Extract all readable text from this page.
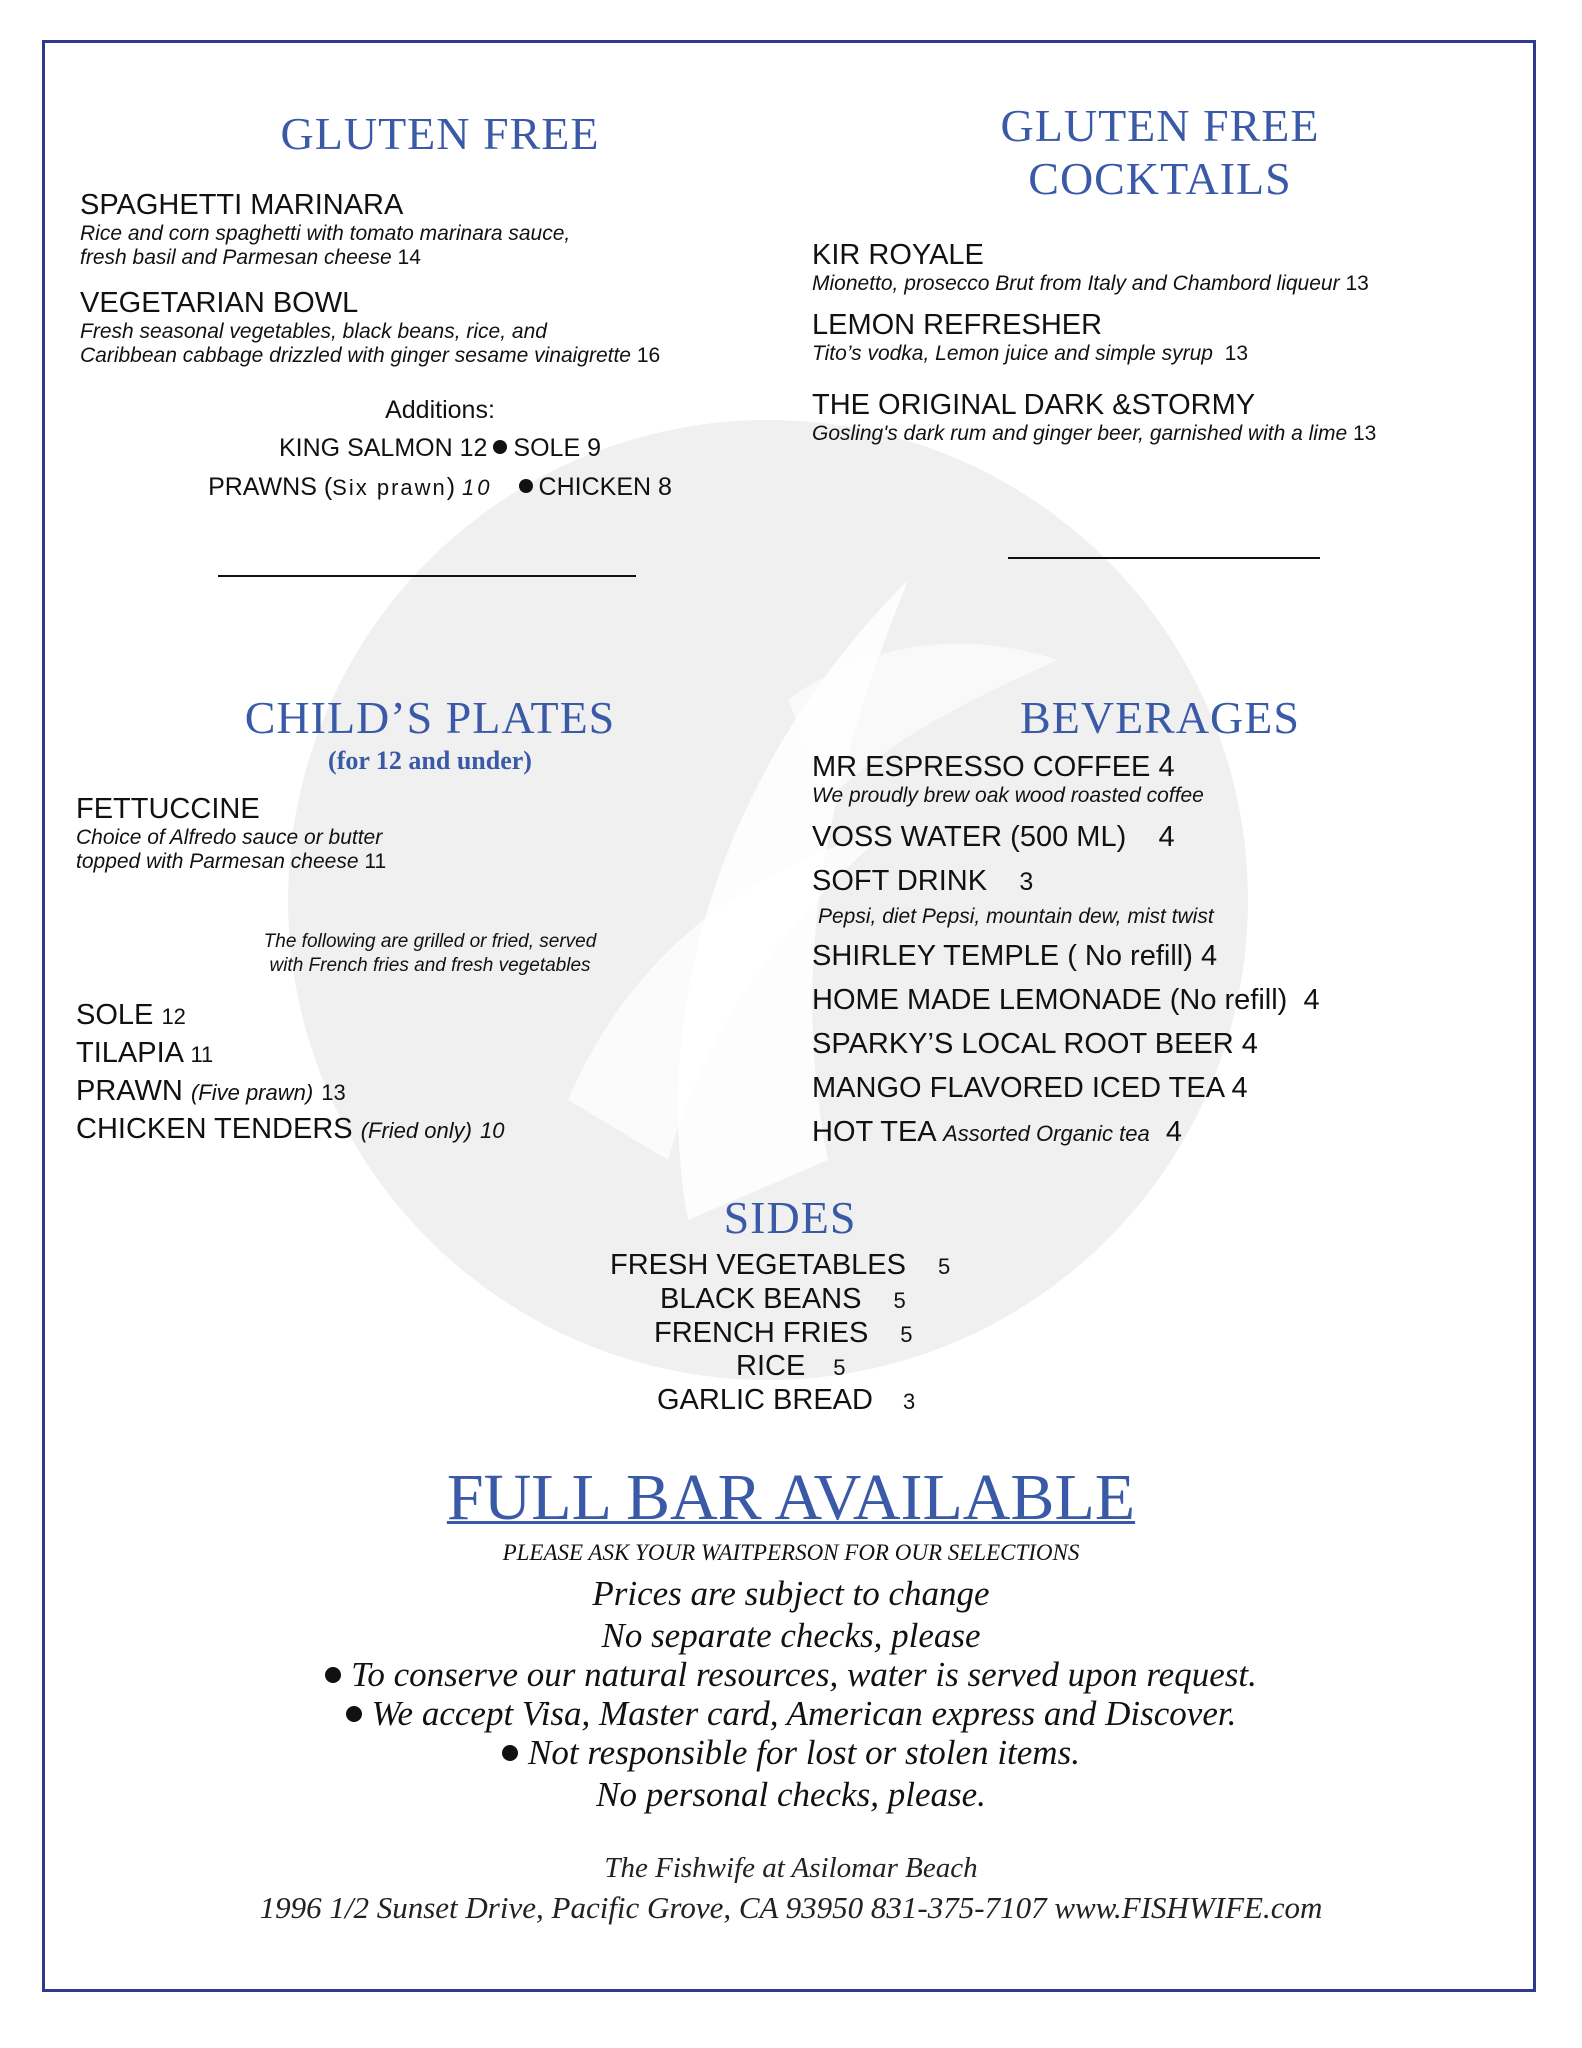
GLUTEN FREE
SPAGHETTI MARINARA
Rice and corn spaghetti with tomato marinara sauce,
fresh basil and Parmesan cheese 14
VEGETARIAN BOWL
Fresh seasonal vegetables, black beans, rice, and
Caribbean cabbage drizzled with ginger sesame vinaigrette 16
Additions:
KING SALMON 12 SOLE 9
PRAWNS (Six prawn) 10 CHICKEN 8
GLUTEN FREE
COCKTAILS
KIR ROYALE
Mionetto, prosecco Brut from Italy and Chambord liqueur 13
LEMON REFRESHER
Tito’s vodka, Lemon juice and simple syrup 13
THE ORIGINAL DARK &STORMY
Gosling's dark rum and ginger beer, garnished with a lime 13
CHILD’S PLATES
(for 12 and under)
FETTUCCINE
Choice of Alfredo sauce or butter
topped with Parmesan cheese 11
The following are grilled or fried, served
with French fries and fresh vegetables
SOLE 12
TILAPIA 11
PRAWN (Five prawn) 13
CHICKEN TENDERS (Fried only) 10
BEVERAGES
MR ESPRESSO COFFEE 4
We proudly brew oak wood roasted coffee
VOSS WATER (500 ML) 4
SOFT DRINK 3
Pepsi, diet Pepsi, mountain dew, mist twist
SHIRLEY TEMPLE ( No refill) 4
HOME MADE LEMONADE (No refill) 4
SPARKY’S LOCAL ROOT BEER 4
MANGO FLAVORED ICED TEA 4
HOT TEA Assorted Organic tea 4
SIDES
FRESH VEGETABLES 5
BLACK BEANS 5
FRENCH FRIES 5
RICE 5
GARLIC BREAD 3
FULL BAR AVAILABLE
PLEASE ASK YOUR WAITPERSON FOR OUR SELECTIONS
Prices are subject to change
No separate checks, please
To conserve our natural resources, water is served upon request.
We accept Visa, Master card, American express and Discover.
Not responsible for lost or stolen items.
No personal checks, please.
The Fishwife at Asilomar Beach
1996 1/2 Sunset Drive, Pacific Grove, CA 93950 831-375-7107 www.FISHWIFE.com
